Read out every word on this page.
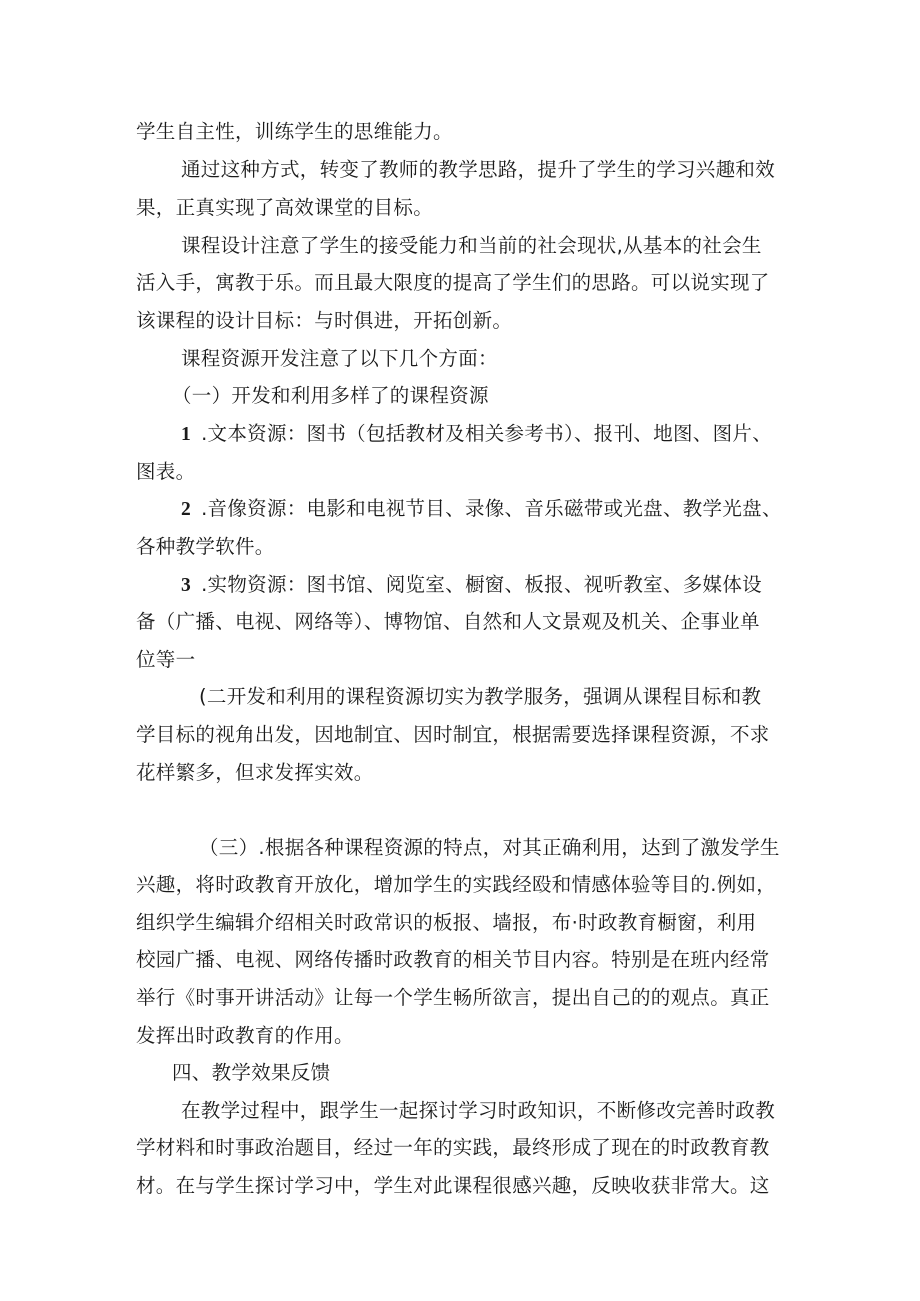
学生自主性，训练学生的思维能力。

通过这种方式，转变了教师的教学思路，提升了学生的学习兴趣和效

果，正真实现了高效课堂的目标。

课程设计注意了学生的接受能力和当前的社会现状,从基本的社会生

活入手，寓教于乐。而且最大限度的提高了学生们的思路。可以说实现了

该课程的设计目标：与时俱进，开拓创新。

课程资源开发注意了以下几个方面：

（一）开发和利用多样了的课程资源

1 .文本资源：图书（包括教材及相关参考书）、报刊、地图、图片、

图表。

2 .音像资源：电影和电视节目、录像、音乐磁带或光盘、教学光盘、

各种教学软件。

3 .实物资源：图书馆、阅览室、橱窗、板报、视听教室、多媒体设

备（广播、电视、网络等）、博物馆、自然和人文景观及机关、企事业单

位等一

(二开发和利用的课程资源切实为教学服务，强调从课程目标和教

学目标的视角出发，因地制宜、因时制宜，根据需要选择课程资源，不求

花样繁多，但求发挥实效。

（三）.根据各种课程资源的特点，对其正确利用，达到了激发学生

兴趣，将时政教育开放化，增加学生的实践经殴和情感体验等目的.例如，

组织学生编辑介绍相关时政常识的板报、墙报，布·时政教育橱窗，利用

校园广播、电视、网络传播时政教育的相关节目内容。特别是在班内经常

举行《时事开讲活动》让每一个学生畅所欲言，提出自己的的观点。真正

发挥出时政教育的作用。

四、教学效果反馈

在教学过程中，跟学生一起探讨学习时政知识，不断修改完善时政教

学材料和时事政治题目，经过一年的实践，最终形成了现在的时政教育教

材。在与学生探讨学习中，学生对此课程很感兴趣，反映收获非常大。这
